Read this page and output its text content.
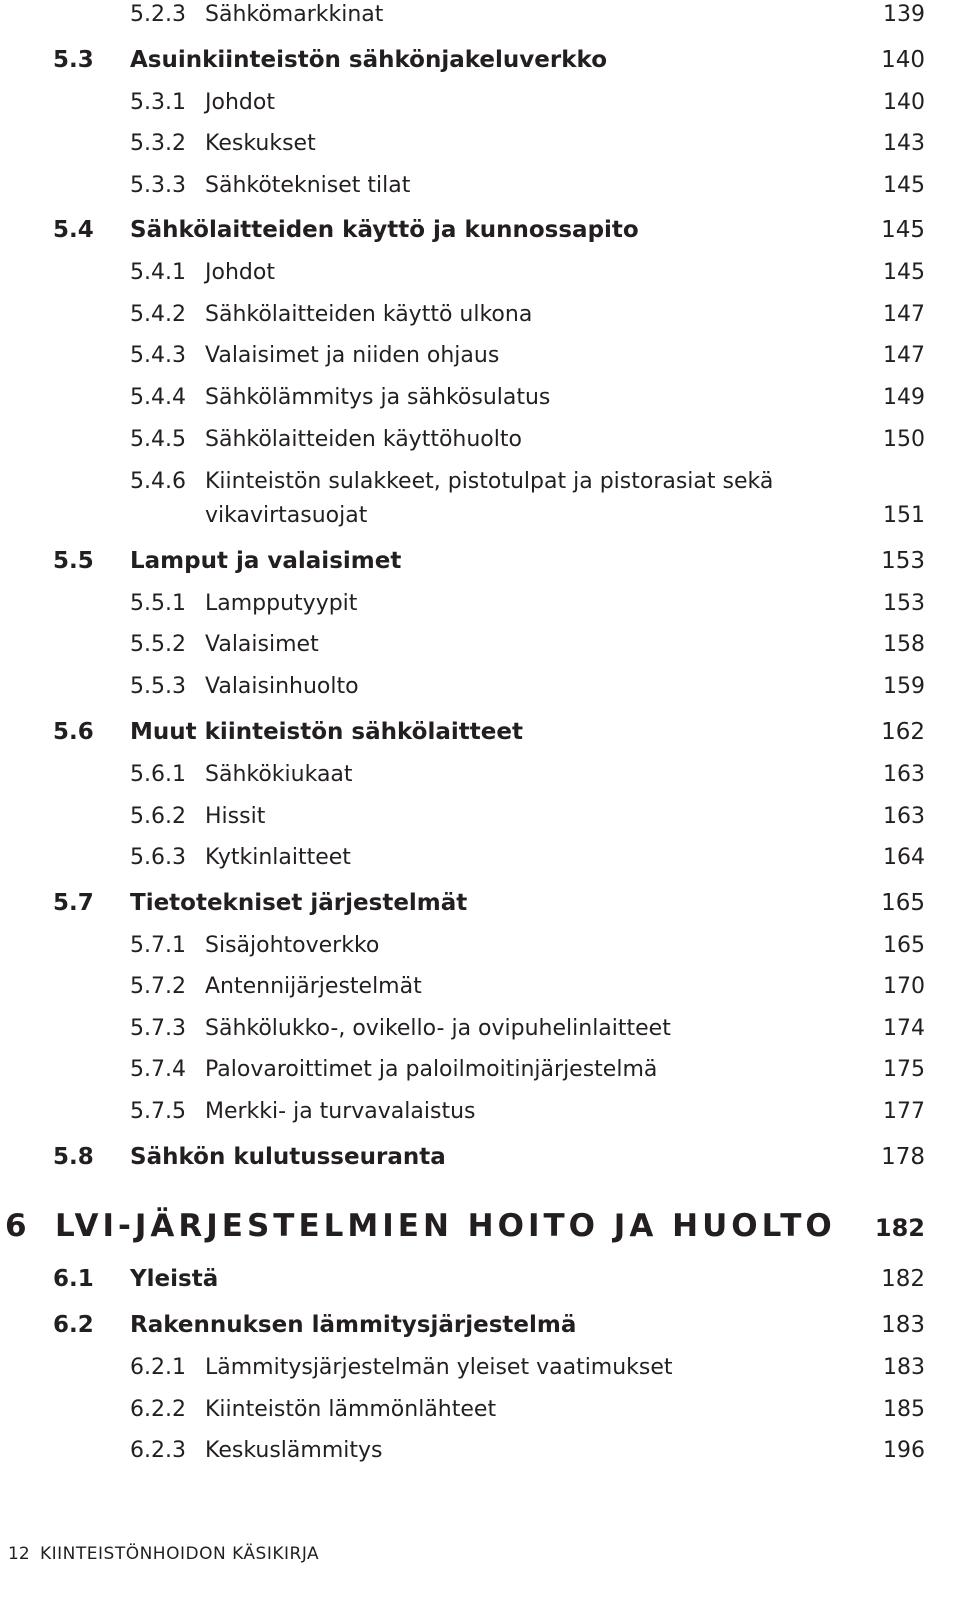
5.2.3 Sähkömarkkinat	139
5.3 Asuinkiinteistön sähkönjakeluverkko	140
5.3.1 Johdot	140
5.3.2 Keskukset	143
5.3.3 Sähkötekniset tilat	145
5.4 Sähkölaitteiden käyttö ja kunnossapito	145
5.4.1 Johdot	145
5.4.2 Sähkölaitteiden käyttö ulkona	147
5.4.3 Valaisimet ja niiden ohjaus	147
5.4.4 Sähkölämmitys ja sähkösulatus	149
5.4.5 Sähkölaitteiden käyttöhuolto	150
5.4.6 Kiinteistön sulakkeet, pistotulpat ja pistorasiat sekä
vikavirtasuojat	151
5.5 Lamput ja valaisimet	153
5.5.1 Lampputyypit	153
5.5.2 Valaisimet	158
5.5.3 Valaisinhuolto	159
5.6 Muut kiinteistön sähkölaitteet	162
5.6.1 Sähkökiukaat	163
5.6.2 Hissit	163
5.6.3 Kytkinlaitteet	164
5.7 Tietotekniset järjestelmät	165
5.7.1 Sisäjohtoverkko	165
5.7.2 Antennijärjestelmät	170
5.7.3 Sähkölukko-, ovikello- ja ovipuhelinlaitteet	174
5.7.4 Palovaroittimet ja paloilmoitinjärjestelmä	175
5.7.5 Merkki- ja turvavalaistus	177
5.8 Sähkön kulutusseuranta	178
6 LVI-JÄRJESTELMIEN HOITO JA HUOLTO 182
6.1 Yleistä	182
6.2 Rakennuksen lämmitysjärjestelmä	183
6.2.1 Lämmitysjärjestelmän yleiset vaatimukset	183
6.2.2 Kiinteistön lämmönlähteet	185
6.2.3 Keskuslämmitys	196
12 KIINTEISTÖNHOIDON KÄSIKIRJA
